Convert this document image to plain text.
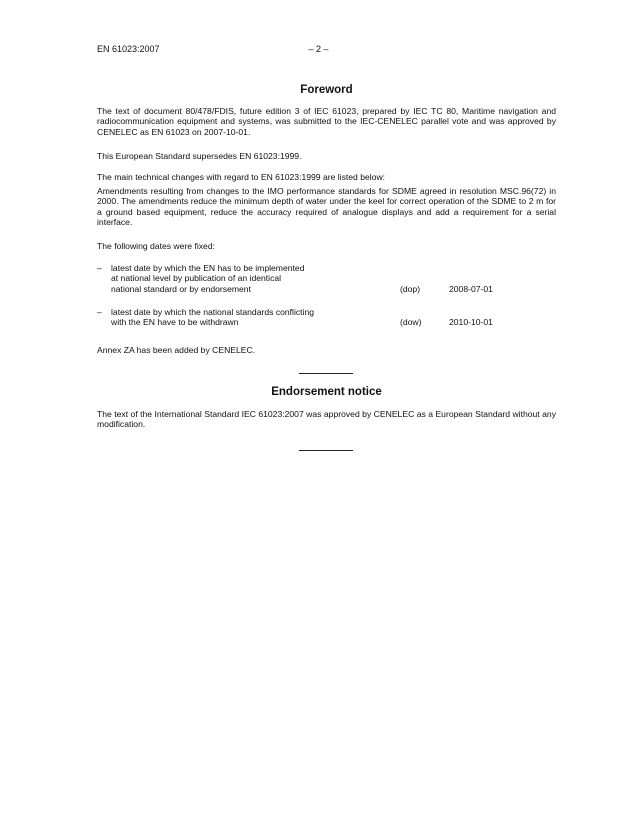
EN 61023:2007	– 2 –
Foreword

The text of document 80/478/FDIS, future edition 3 of IEC 61023, prepared by IEC TC 80, Maritime navigation and radiocommunication equipment and systems, was submitted to the IEC-CENELEC parallel vote and was approved by CENELEC as EN 61023 on 2007-10-01.

This European Standard supersedes EN 61023:1999.

The main technical changes with regard to EN 61023:1999 are listed below:

Amendments resulting from changes to the IMO performance standards for SDME agreed in resolution MSC.96(72) in 2000. The amendments reduce the minimum depth of water under the keel for correct operation of the SDME to 2 m for a ground based equipment, reduce the accuracy required of analogue displays and add a requirement for a serial interface.

The following dates were fixed:

– latest date by which the EN has to be implemented
at national level by publication of an identical
national standard or by endorsement	(dop)	2008-07-01
– latest date by which the national standards conflicting
with the EN have to be withdrawn	(dow)	2010-10-01

Annex ZA has been added by CENELEC.

Endorsement notice

The text of the International Standard IEC 61023:2007 was approved by CENELEC as a European Standard without any modification.
